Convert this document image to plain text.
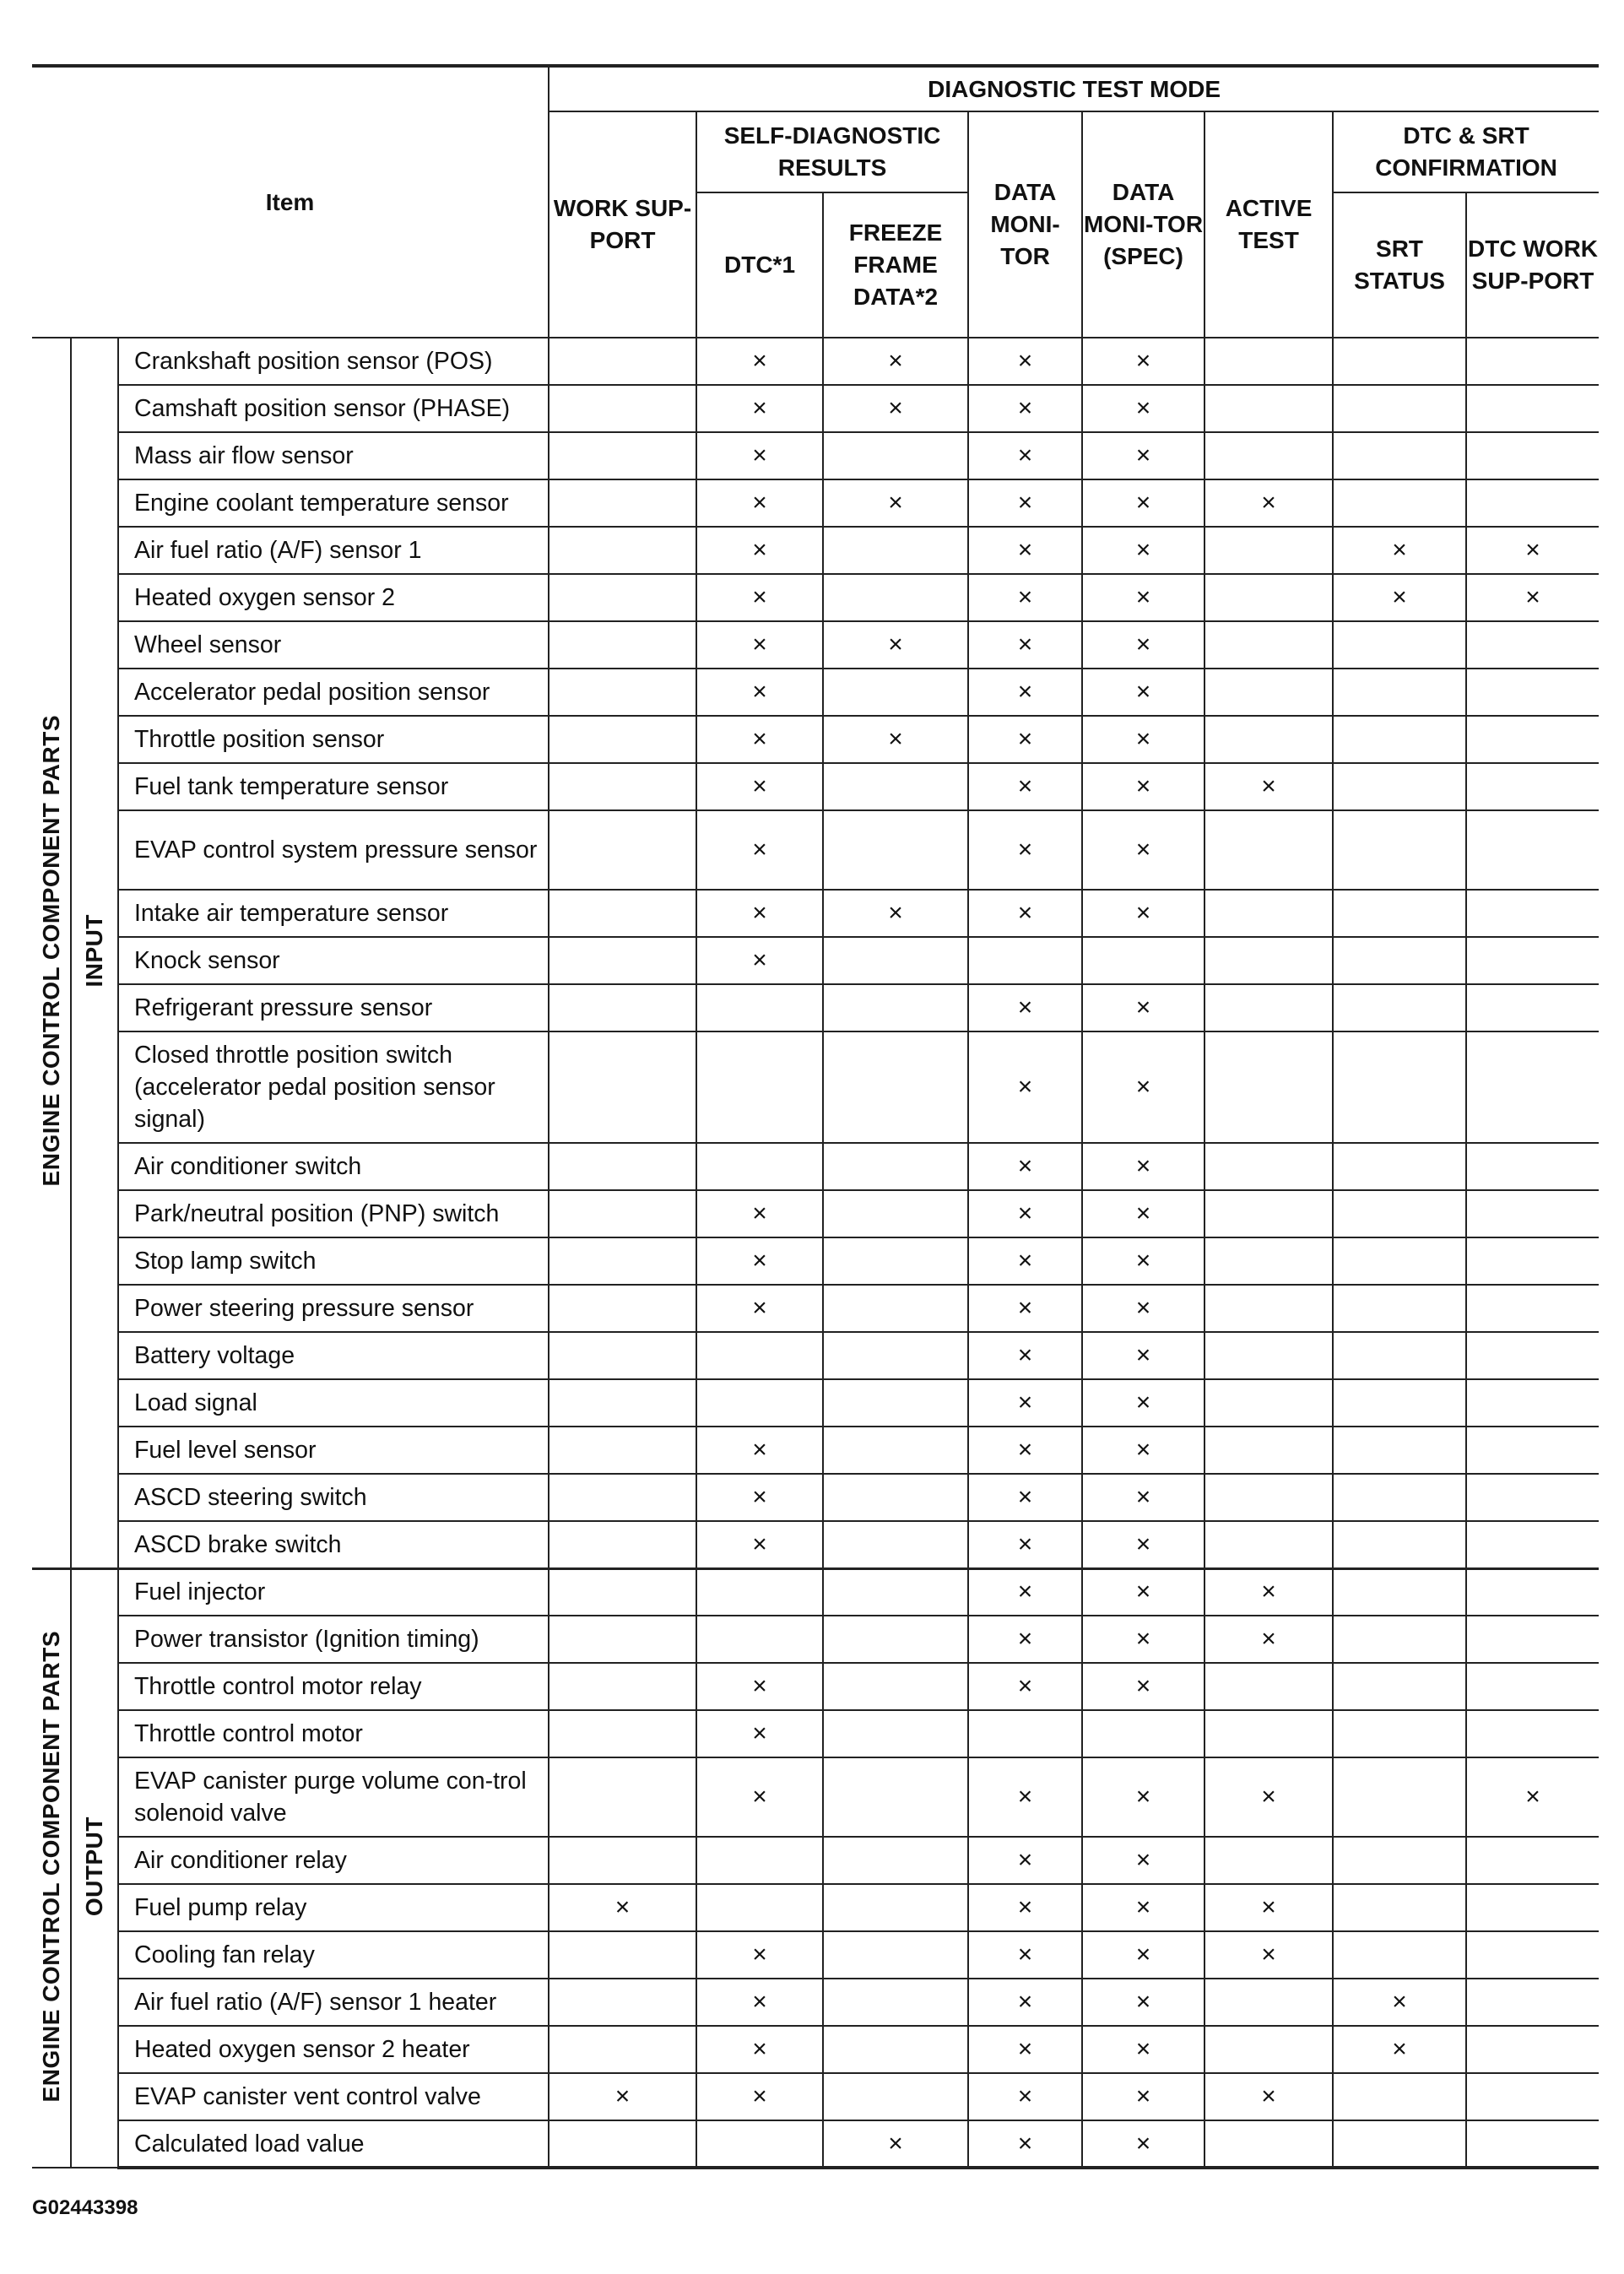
Item			DIAGNOSTIC TEST MODE							
			WORK SUP-PORT	SELF-DIAGNOSTIC RESULTS		DATA MONI-TOR	DATA MONI-TOR (SPEC)	ACTIVE TEST	DTC & SRT CONFIRMATION	
				DTC*1	FREEZE FRAME DATA*2				SRT STATUS	DTC WORK SUP-PORT
ENGINE CONTROL COMPONENT PARTS	INPUT	Crankshaft position sensor (POS)		×	×	×	×			
		Camshaft position sensor (PHASE)		×	×	×	×			
		Mass air flow sensor		×		×	×			
		Engine coolant temperature sensor		×	×	×	×	×		
		Air fuel ratio (A/F) sensor 1		×		×	×		×	×
		Heated oxygen sensor 2		×		×	×		×	×
		Wheel sensor		×	×	×	×			
		Accelerator pedal position sensor		×		×	×			
		Throttle position sensor		×	×	×	×			
		Fuel tank temperature sensor		×		×	×	×		
		EVAP control system pressure sensor		×		×	×			
		Intake air temperature sensor		×	×	×	×			
		Knock sensor		×						
		Refrigerant pressure sensor				×	×			
		Closed throttle position switch (accelerator pedal position sensor signal)				×	×			
		Air conditioner switch				×	×			
		Park/neutral position (PNP) switch		×		×	×			
		Stop lamp switch		×		×	×			
		Power steering pressure sensor		×		×	×			
		Battery voltage				×	×			
		Load signal				×	×			
		Fuel level sensor		×		×	×			
		ASCD steering switch		×		×	×			
		ASCD brake switch		×		×	×			
ENGINE CONTROL COMPONENT PARTS	OUTPUT	Fuel injector				×	×	×		
		Power transistor (Ignition timing)				×	×	×		
		Throttle control motor relay		×		×	×			
		Throttle control motor		×						
		EVAP canister purge volume con-trol solenoid valve		×		×	×	×		×
		Air conditioner relay				×	×			
		Fuel pump relay	×			×	×	×		
		Cooling fan relay		×		×	×	×		
		Air fuel ratio (A/F) sensor 1 heater		×		×	×		×	
		Heated oxygen sensor 2 heater		×		×	×		×	
		EVAP canister vent control valve	×	×		×	×	×		
		Calculated load value			×	×	×			
G02443398
